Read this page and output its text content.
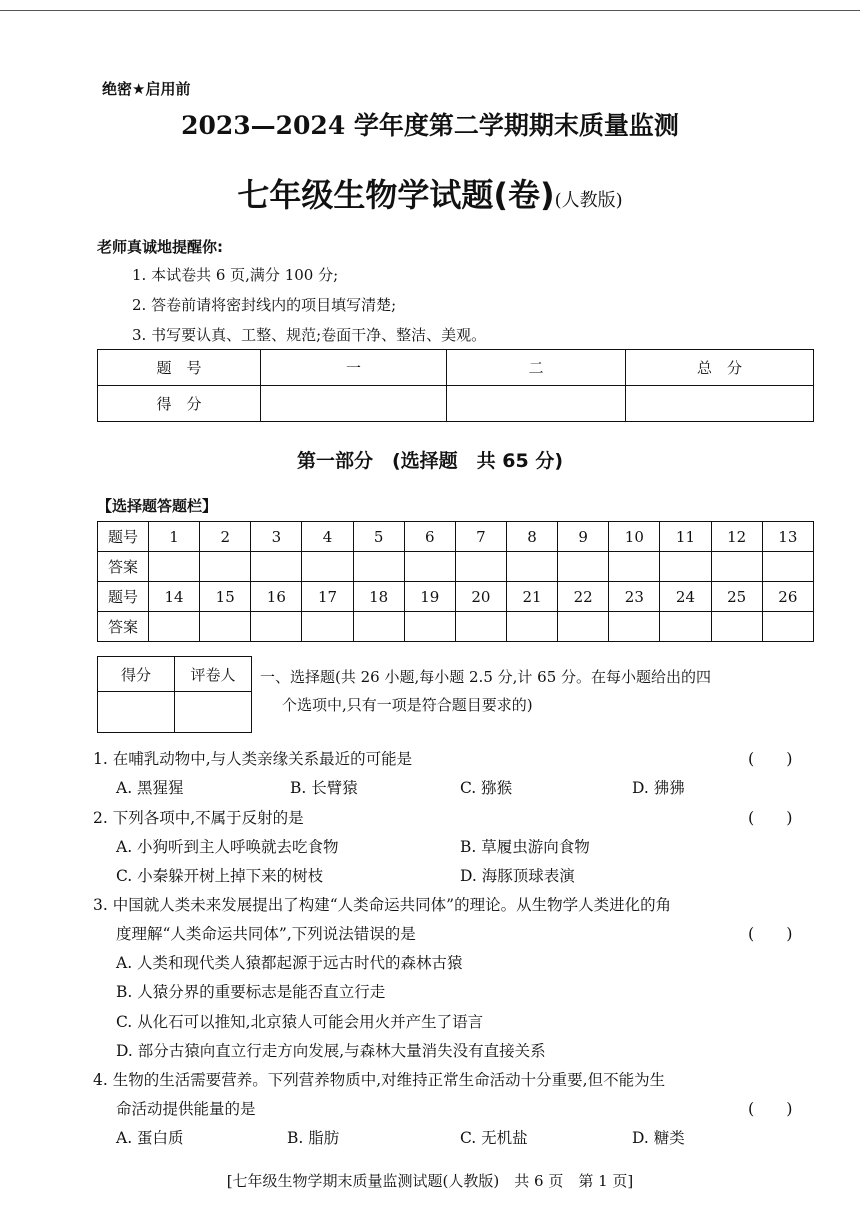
绝密★启用前
2023—2024 学年度第二学期期末质量监测
七年级生物学试题(卷)(人教版)
老师真诚地提醒你:
1. 本试卷共 6 页,满分 100 分;
2. 答卷前请将密封线内的项目填写清楚;
3. 书写要认真、工整、规范;卷面干净、整洁、美观。
题　号	一	二	总　分
得　分			
第一部分　(选择题　共 65 分)
【选择题答题栏】
题号	1	2	3	4	5	6	7	8	9	10	11	12	13
答案													
题号	14	15	16	17	18	19	20	21	22	23	24	25	26
答案													
得分	评卷人
	一、选择题(共 26 小题,每小题 2.5 分,计 65 分。在每小题给出的四
个选项中,只有一项是符合题目要求的)
1. 在哺乳动物中,与人类亲缘关系最近的可能是	(　　)
A. 黑猩猩	B. 长臂猿	C. 猕猴	D. 狒狒
2. 下列各项中,不属于反射的是	(　　)
A. 小狗听到主人呼唤就去吃食物	B. 草履虫游向食物
C. 小秦躲开树上掉下来的树枝	D. 海豚顶球表演
3. 中国就人类未来发展提出了构建“人类命运共同体”的理论。从生物学人类进化的角
度理解“人类命运共同体”,下列说法错误的是	(　　)
A. 人类和现代类人猿都起源于远古时代的森林古猿
B. 人猿分界的重要标志是能否直立行走
C. 从化石可以推知,北京猿人可能会用火并产生了语言
D. 部分古猿向直立行走方向发展,与森林大量消失没有直接关系
4. 生物的生活需要营养。下列营养物质中,对维持正常生命活动十分重要,但不能为生
命活动提供能量的是	(　　)
A. 蛋白质	B. 脂肪	C. 无机盐	D. 糖类
[七年级生物学期末质量监测试题(人教版)　共 6 页　第 1 页]
